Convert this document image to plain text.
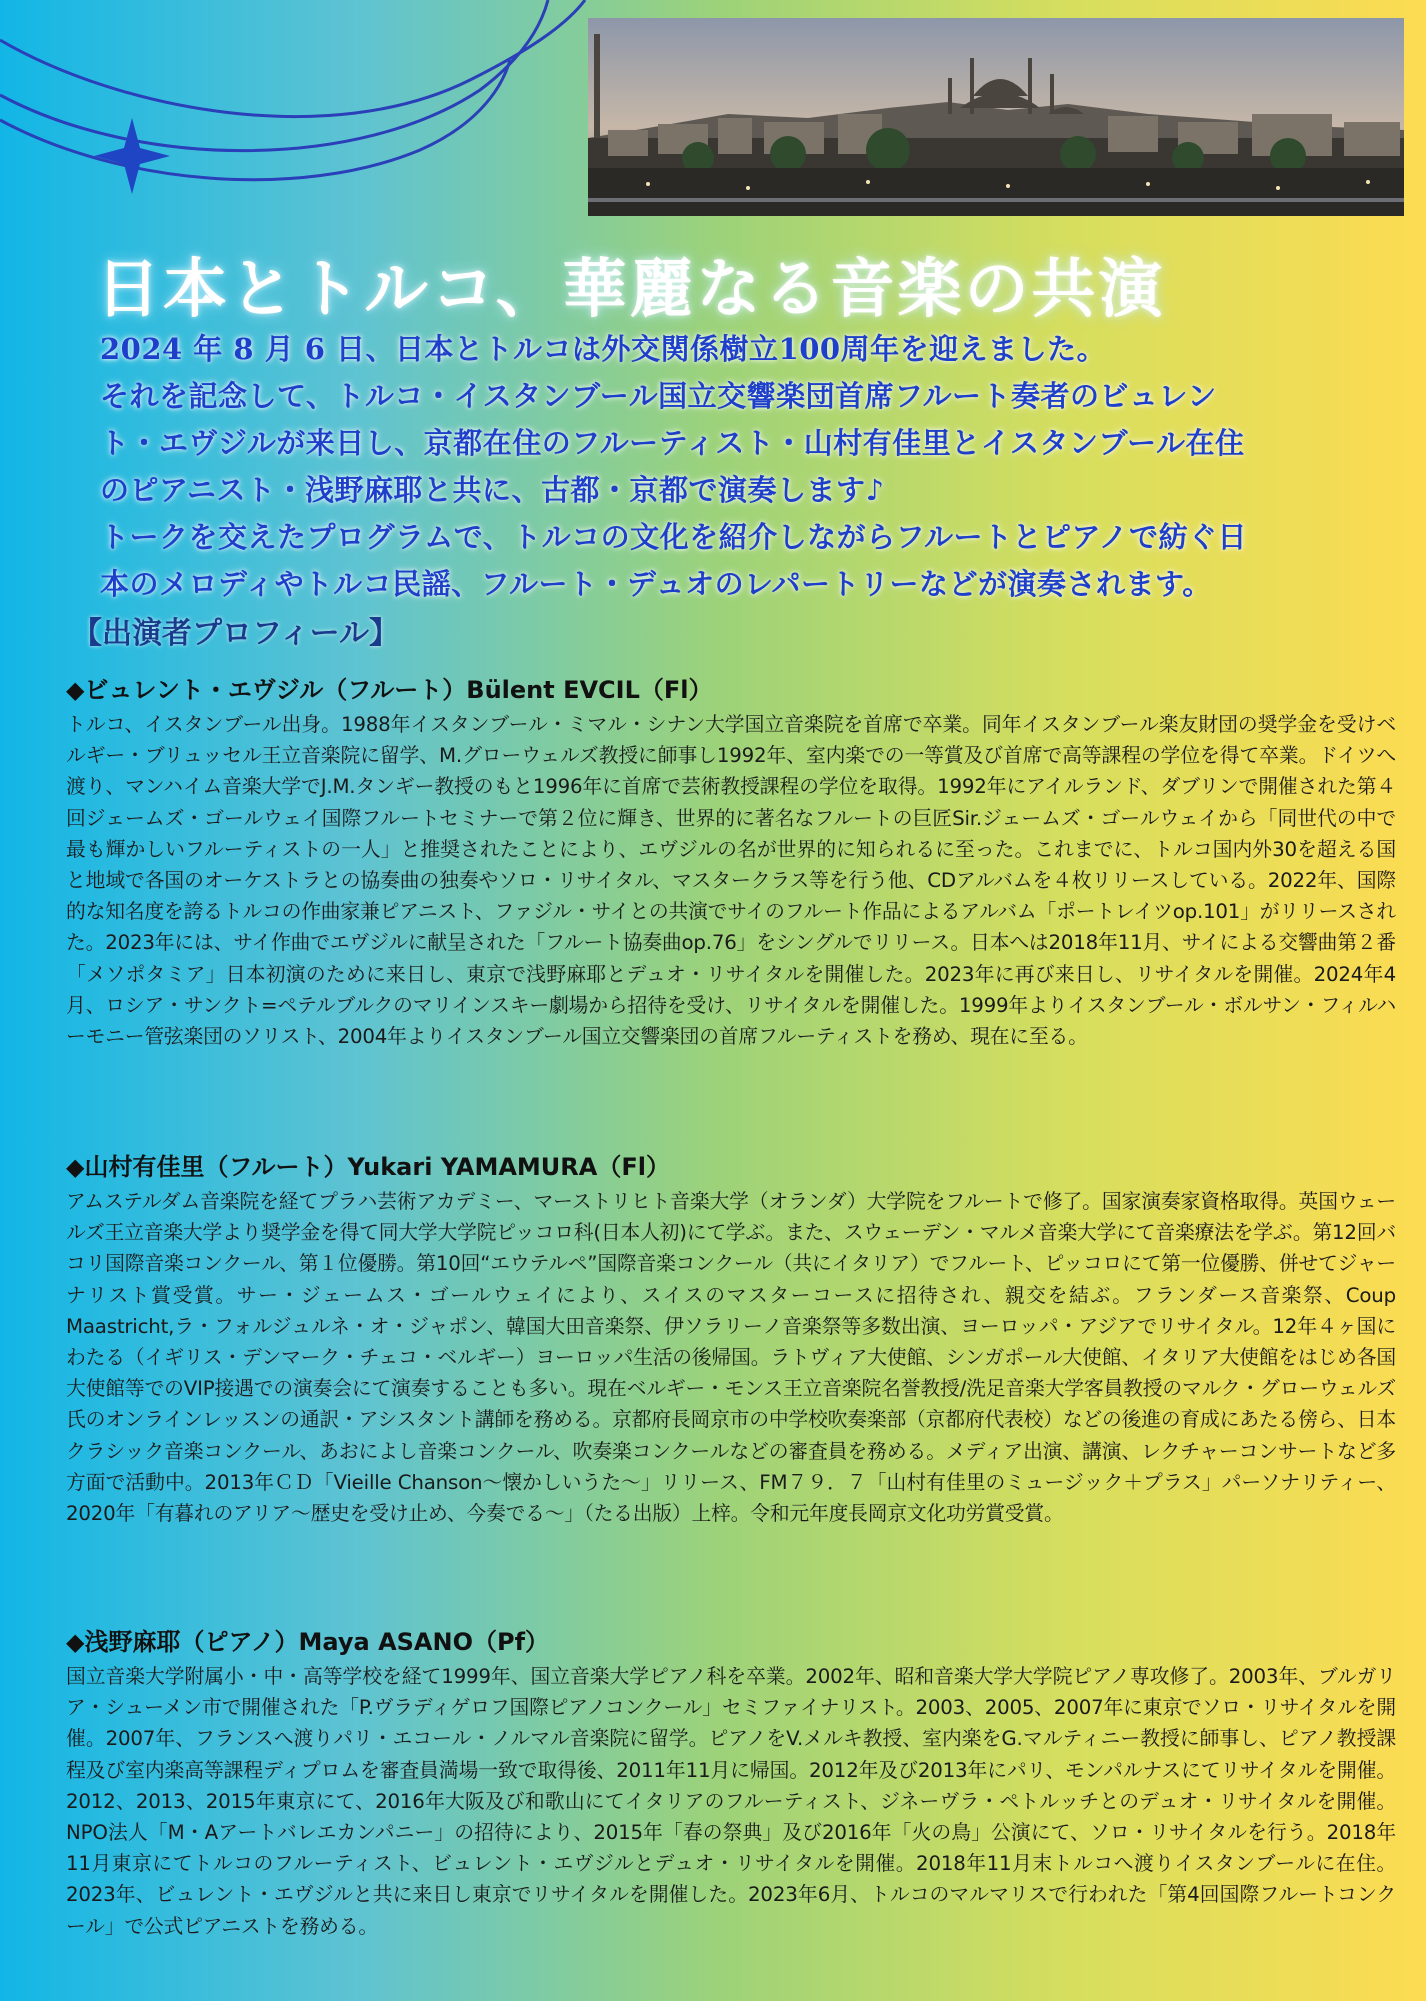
日本とトルコ、華麗なる音楽の共演
2024 年 8 月 6 日、日本とトルコは外交関係樹立100周年を迎えました。
それを記念して、トルコ・イスタンブール国立交響楽団首席フルート奏者のビュレン
ト・エヴジルが来日し、京都在住のフルーティスト・山村有佳里とイスタンブール在住
のピアニスト・浅野麻耶と共に、古都・京都で演奏します♪
トークを交えたプログラムで、トルコの文化を紹介しながらフルートとピアノで紡ぐ日
本のメロディやトルコ民謡、フルート・デュオのレパートリーなどが演奏されます。
【出演者プロフィール】
◆ビュレント・エヴジル（フルート）Bülent EVCIL（Fl）

トルコ、イスタンブール出身。1988年イスタンブール・ミマル・シナン大学国立音楽院を首席で卒業。同年イスタンブール楽友財団の奨学金を受けベルギー・ブリュッセル王立音楽院に留学、M.グローウェルズ教授に師事し1992年、室内楽での一等賞及び首席で高等課程の学位を得て卒業。ドイツへ渡り、マンハイム音楽大学でJ.M.タンギー教授のもと1996年に首席で芸術教授課程の学位を取得。1992年にアイルランド、ダブリンで開催された第４回ジェームズ・ゴールウェイ国際フルートセミナーで第２位に輝き、世界的に著名なフルートの巨匠Sir.ジェームズ・ゴールウェイから「同世代の中で最も輝かしいフルーティストの一人」と推奨されたことにより、エヴジルの名が世界的に知られるに至った。これまでに、トルコ国内外30を超える国と地域で各国のオーケストラとの協奏曲の独奏やソロ・リサイタル、マスタークラス等を行う他、CDアルバムを４枚リリースしている。2022年、国際的な知名度を誇るトルコの作曲家兼ピアニスト、ファジル・サイとの共演でサイのフルート作品によるアルバム「ポートレイツop.101」がリリースされた。2023年には、サイ作曲でエヴジルに献呈された「フルート協奏曲op.76」をシングルでリリース。日本へは2018年11月、サイによる交響曲第２番「メソポタミア」日本初演のために来日し、東京で浅野麻耶とデュオ・リサイタルを開催した。2023年に再び来日し、リサイタルを開催。2024年4月、ロシア・サンクト=ペテルブルクのマリインスキー劇場から招待を受け、リサイタルを開催した。1999年よりイスタンブール・ボルサン・フィルハーモニー管弦楽団のソリスト、2004年よりイスタンブール国立交響楽団の首席フルーティストを務め、現在に至る。

◆山村有佳里（フルート）Yukari YAMAMURA（Fl）

アムステルダム音楽院を経てプラハ芸術アカデミー、マーストリヒト音楽大学（オランダ）大学院をフルートで修了。国家演奏家資格取得。英国ウェールズ王立音楽大学より奨学金を得て同大学大学院ピッコロ科(日本人初)にて学ぶ。また、スウェーデン・マルメ音楽大学にて音楽療法を学ぶ。第12回バコリ国際音楽コンクール、第１位優勝。第10回“エウテルペ”国際音楽コンクール（共にイタリア）でフルート、ピッコロにて第一位優勝、併せてジャーナリスト賞受賞。サー・ジェームス・ゴールウェイにより、スイスのマスターコースに招待され、親交を結ぶ。フランダース音楽祭、Coup Maastricht,ラ・フォルジュルネ・オ・ジャポン、韓国大田音楽祭、伊ソラリーノ音楽祭等多数出演、ヨーロッパ・アジアでリサイタル。12年４ヶ国にわたる（イギリス・デンマーク・チェコ・ベルギー）ヨーロッパ生活の後帰国。ラトヴィア大使館、シンガポール大使館、イタリア大使館をはじめ各国大使館等でのVIP接遇での演奏会にて演奏することも多い。現在ベルギー・モンス王立音楽院名誉教授/洗足音楽大学客員教授のマルク・グローウェルズ氏のオンラインレッスンの通訳・アシスタント講師を務める。京都府長岡京市の中学校吹奏楽部（京都府代表校）などの後進の育成にあたる傍ら、日本クラシック音楽コンクール、あおによし音楽コンクール、吹奏楽コンクールなどの審査員を務める。メディア出演、講演、レクチャーコンサートなど多方面で活動中。2013年ＣＤ「Vieille Chanson〜懐かしいうた〜」リリース、FM７９．７「山村有佳里のミュージック＋プラス」パーソナリティー、2020年「有暮れのアリア〜歴史を受け止め、今奏でる〜」（たる出版）上梓。令和元年度長岡京文化功労賞受賞。

◆浅野麻耶（ピアノ）Maya ASANO（Pf）

国立音楽大学附属小・中・高等学校を経て1999年、国立音楽大学ピアノ科を卒業。2002年、昭和音楽大学大学院ピアノ専攻修了。2003年、ブルガリア・シューメン市で開催された「P.ヴラディゲロフ国際ピアノコンクール」セミファイナリスト。2003、2005、2007年に東京でソロ・リサイタルを開催。2007年、フランスへ渡りパリ・エコール・ノルマル音楽院に留学。ピアノをV.メルキ教授、室内楽をG.マルティニー教授に師事し、ピアノ教授課程及び室内楽高等課程ディプロムを審査員満場一致で取得後、2011年11月に帰国。2012年及び2013年にパリ、モンパルナスにてリサイタルを開催。2012、2013、2015年東京にて、2016年大阪及び和歌山にてイタリアのフルーティスト、ジネーヴラ・ペトルッチとのデュオ・リサイタルを開催。NPO法人「M・Aアートバレエカンパニー」の招待により、2015年「春の祭典」及び2016年「火の鳥」公演にて、ソロ・リサイタルを行う。2018年11月東京にてトルコのフルーティスト、ビュレント・エヴジルとデュオ・リサイタルを開催。2018年11月末トルコへ渡りイスタンブールに在住。2023年、ビュレント・エヴジルと共に来日し東京でリサイタルを開催した。2023年6月、トルコのマルマリスで行われた「第4回国際フルートコンクール」で公式ピアニストを務める。
